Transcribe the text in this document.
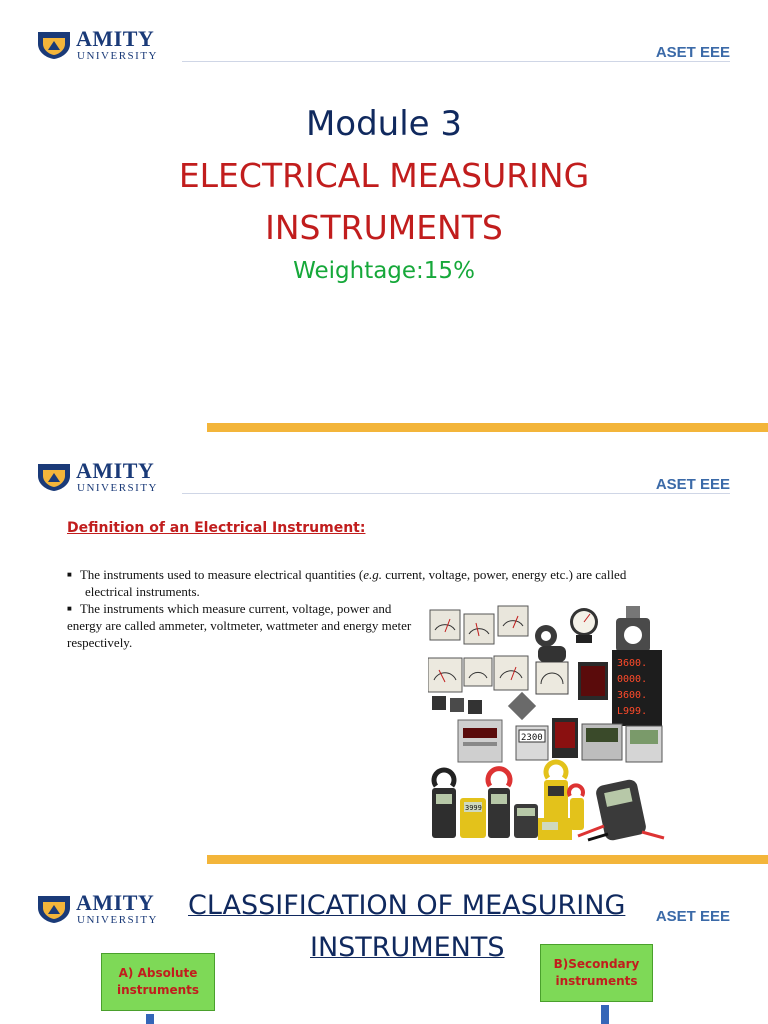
AMITY
UNIVERSITY	ASET EEE
Module 3
ELECTRICAL MEASURING
INSTRUMENTS
Weightage:15%
AMITY
UNIVERSITY	ASET EEE
Definition of an Electrical Instrument:
■ The instruments used to measure electrical quantities (e.g. current, voltage, power, energy etc.) are called
electrical instruments.
■ The instruments which measure current, voltage, power and energy are called ammeter, voltmeter, wattmeter and energy meter respectively.
3600.
0000.
3600.
L999.
2300
3999
AMITY
UNIVERSITY	ASET EEE
CLASSIFICATION OF MEASURING
INSTRUMENTS
A) Absolute
instruments
B)Secondary
instruments
